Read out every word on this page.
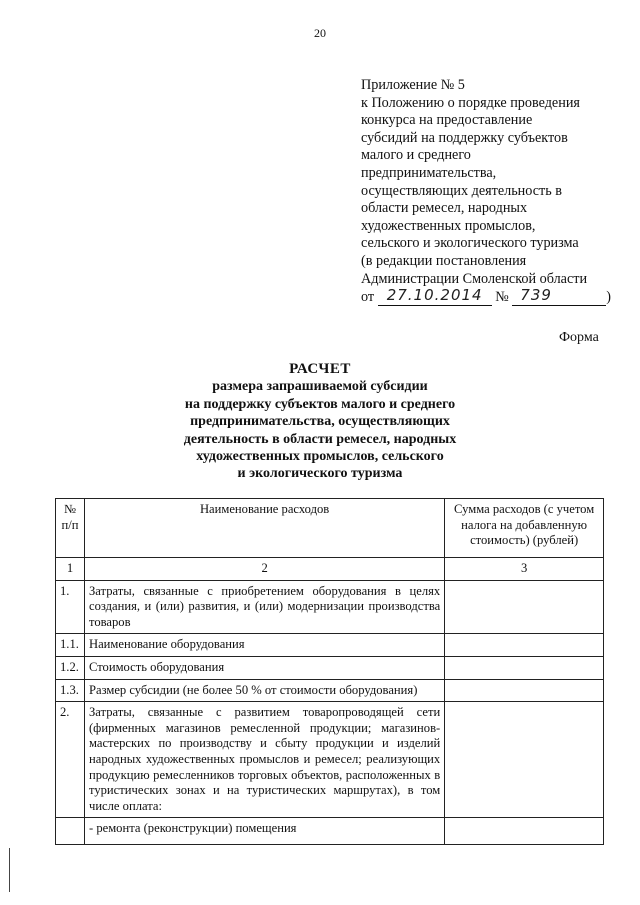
20
Приложение № 5
к Положению о порядке проведения
конкурса на предоставление
субсидий на поддержку субъектов
малого и среднего
предпринимательства,
осуществляющих деятельность в
области ремесел, народных
художественных промыслов,
сельского и экологического туризма
(в редакции постановления
Администрации Смоленской области
от 27.10.2014 № 739	)
Форма
РАСЧЕТ
размера запрашиваемой субсидии
на поддержку субъектов малого и среднего
предпринимательства, осуществляющих
деятельность в области ремесел, народных
художественных промыслов, сельского
и экологического туризма
№ п/п	Наименование расходов	Сумма расходов (с учетом налога на добавленную стоимость) (рублей)
1	2	3
1.	Затраты, связанные с приобретением оборудования в целях создания, и (или) развития, и (или) модернизации производства товаров	
1.1.	Наименование оборудования	
1.2.	Стоимость оборудования	
1.3.	Размер субсидии (не более 50 % от стоимости оборудования)	
2.	Затраты, связанные с развитием товаропроводящей сети (фирменных магазинов ремесленной продукции; магазинов-мастерских по производству и сбыту продукции и изделий народных художественных промыслов и ремесел; реализующих продукцию ремесленников торговых объектов, расположенных в туристических зонах и на туристических маршрутах), в том числе оплата:	
	- ремонта (реконструкции) помещения	
